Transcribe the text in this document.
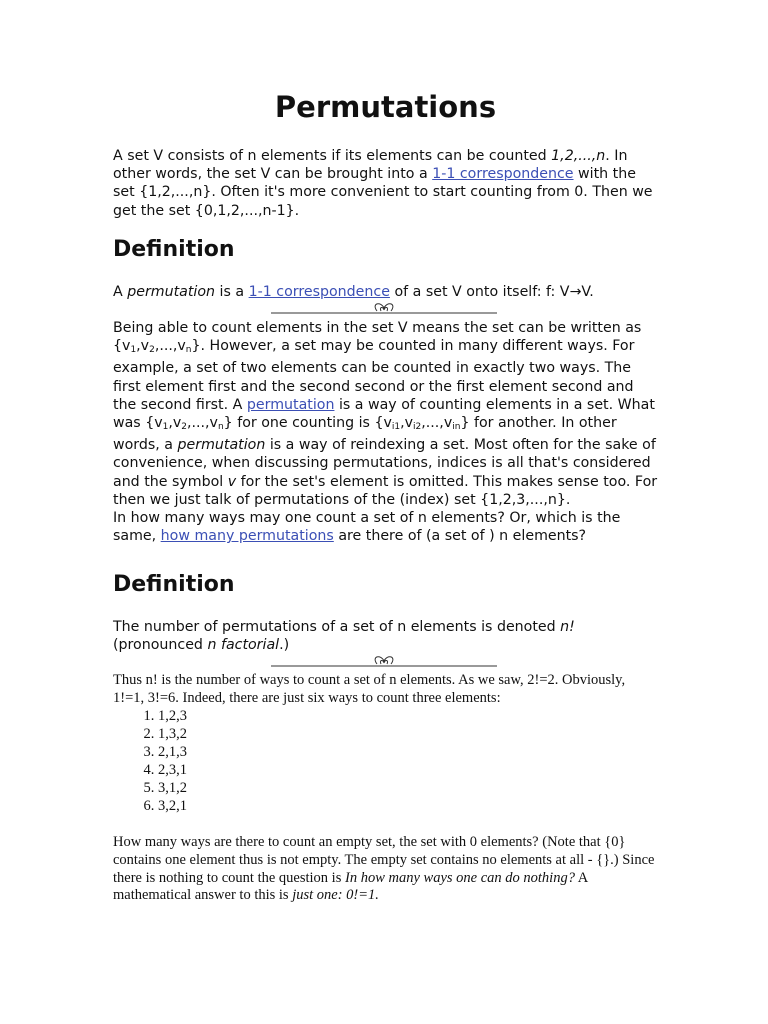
Permutations

A set V consists of n elements if its elements can be counted 1,2,...,n. In other words, the set V can be brought into a 1-1 correspondence with the set {1,2,...,n}. Often it's more convenient to start counting from 0. Then we get the set {0,1,2,...,n-1}.

Definition

A permutation is a 1-1 correspondence of a set V onto itself: f: V→V.

Being able to count elements in the set V means the set can be written as $\{v_1,v_2,...,v_n\}$. However, a set may be counted in many different ways. For example, a set of two elements can be counted in exactly two ways. The first element first and the second second or the first element second and the second first. A permutation is a way of counting elements in a set. What was $\{v_1,v_2,...,v_n\}$ for one counting is $\{v_{i1},v_{i2},...,v_{in}\}$ for another. In other words, a permutation is a way of reindexing a set. Most often for the sake of convenience, when discussing permutations, indices is all that's considered and the symbol v for the set's element is omitted. This makes sense too. For then we just talk of permutations of the (index) set {1,2,3,...,n}.
In how many ways may one count a set of n elements? Or, which is the same, how many permutations are there of (a set of ) n elements?

Definition

The number of permutations of a set of n elements is denoted n! (pronounced n factorial.)

Thus n! is the number of ways to count a set of n elements. As we saw, 2!=2. Obviously, 1!=1, 3!=6. Indeed, there are just six ways to count three elements:

1. 1,2,3
2. 1,3,2
3. 2,1,3
4. 2,3,1
5. 3,1,2
6. 3,2,1

How many ways are there to count an empty set, the set with 0 elements? (Note that {0} contains one element thus is not empty. The empty set contains no elements at all - {}.) Since there is nothing to count the question is In how many ways one can do nothing? A mathematical answer to this is just one: 0!=1.
